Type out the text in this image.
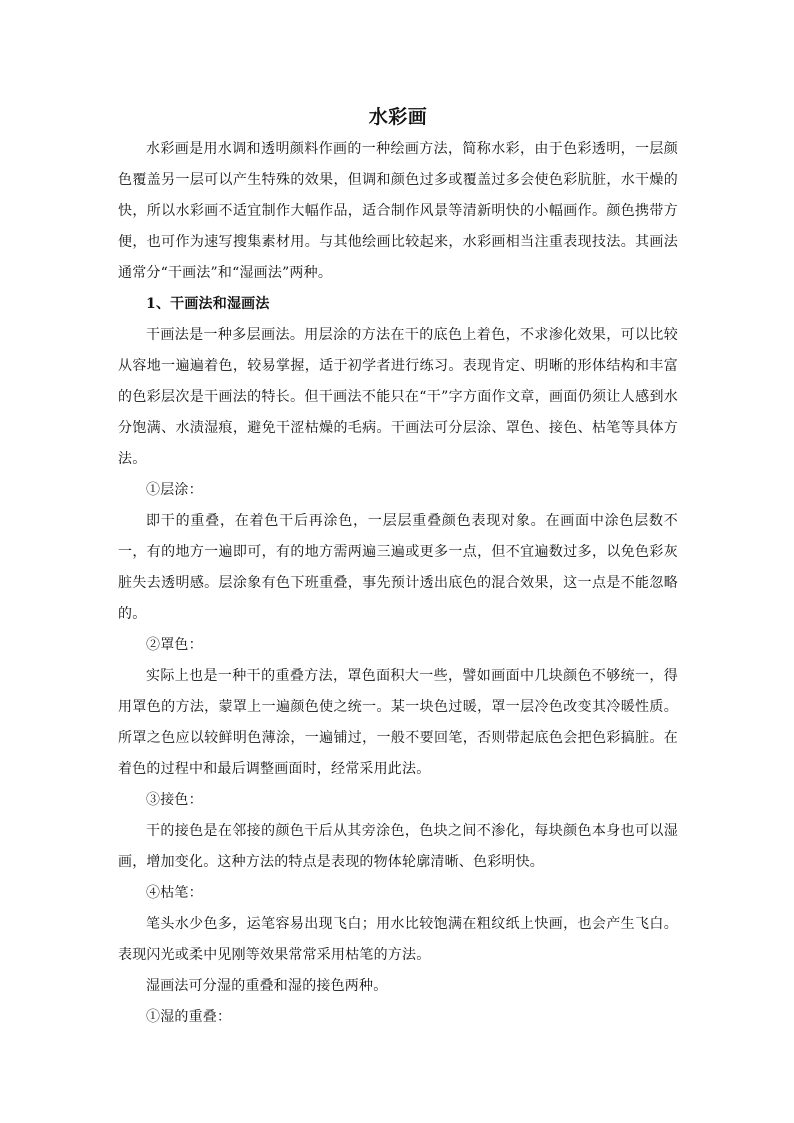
水彩画

水彩画是用水调和透明颜料作画的一种绘画方法，简称水彩，由于色彩透明，一层颜色覆盖另一层可以产生特殊的效果，但调和颜色过多或覆盖过多会使色彩肮脏，水干燥的快，所以水彩画不适宜制作大幅作品，适合制作风景等清新明快的小幅画作。颜色携带方便，也可作为速写搜集素材用。与其他绘画比较起来，水彩画相当注重表现技法。其画法通常分“干画法”和“湿画法”两种。

1、干画法和湿画法

干画法是一种多层画法。用层涂的方法在干的底色上着色，不求渗化效果，可以比较从容地一遍遍着色，较易掌握，适于初学者进行练习。表现肯定、明晰的形体结构和丰富的色彩层次是干画法的特长。但干画法不能只在“干”字方面作文章，画面仍须让人感到水分饱满、水渍湿痕，避免干涩枯燥的毛病。干画法可分层涂、罩色、接色、枯笔等具体方法。

①层涂：

即干的重叠，在着色干后再涂色，一层层重叠颜色表现对象。在画面中涂色层数不一，有的地方一遍即可，有的地方需两遍三遍或更多一点，但不宜遍数过多，以免色彩灰脏失去透明感。层涂象有色下班重叠，事先预计透出底色的混合效果，这一点是不能忽略的。

②罩色：

实际上也是一种干的重叠方法，罩色面积大一些，譬如画面中几块颜色不够统一，得用罩色的方法，蒙罩上一遍颜色使之统一。某一块色过暖，罩一层冷色改变其冷暖性质。所罩之色应以较鲜明色薄涂，一遍铺过，一般不要回笔，否则带起底色会把色彩搞脏。在着色的过程中和最后调整画面时，经常采用此法。

③接色：

干的接色是在邻接的颜色干后从其旁涂色，色块之间不渗化，每块颜色本身也可以湿画，增加变化。这种方法的特点是表现的物体轮廓清晰、色彩明快。

④枯笔：

笔头水少色多，运笔容易出现飞白；用水比较饱满在粗纹纸上快画，也会产生飞白。表现闪光或柔中见刚等效果常常采用枯笔的方法。

湿画法可分湿的重叠和湿的接色两种。

①湿的重叠：
